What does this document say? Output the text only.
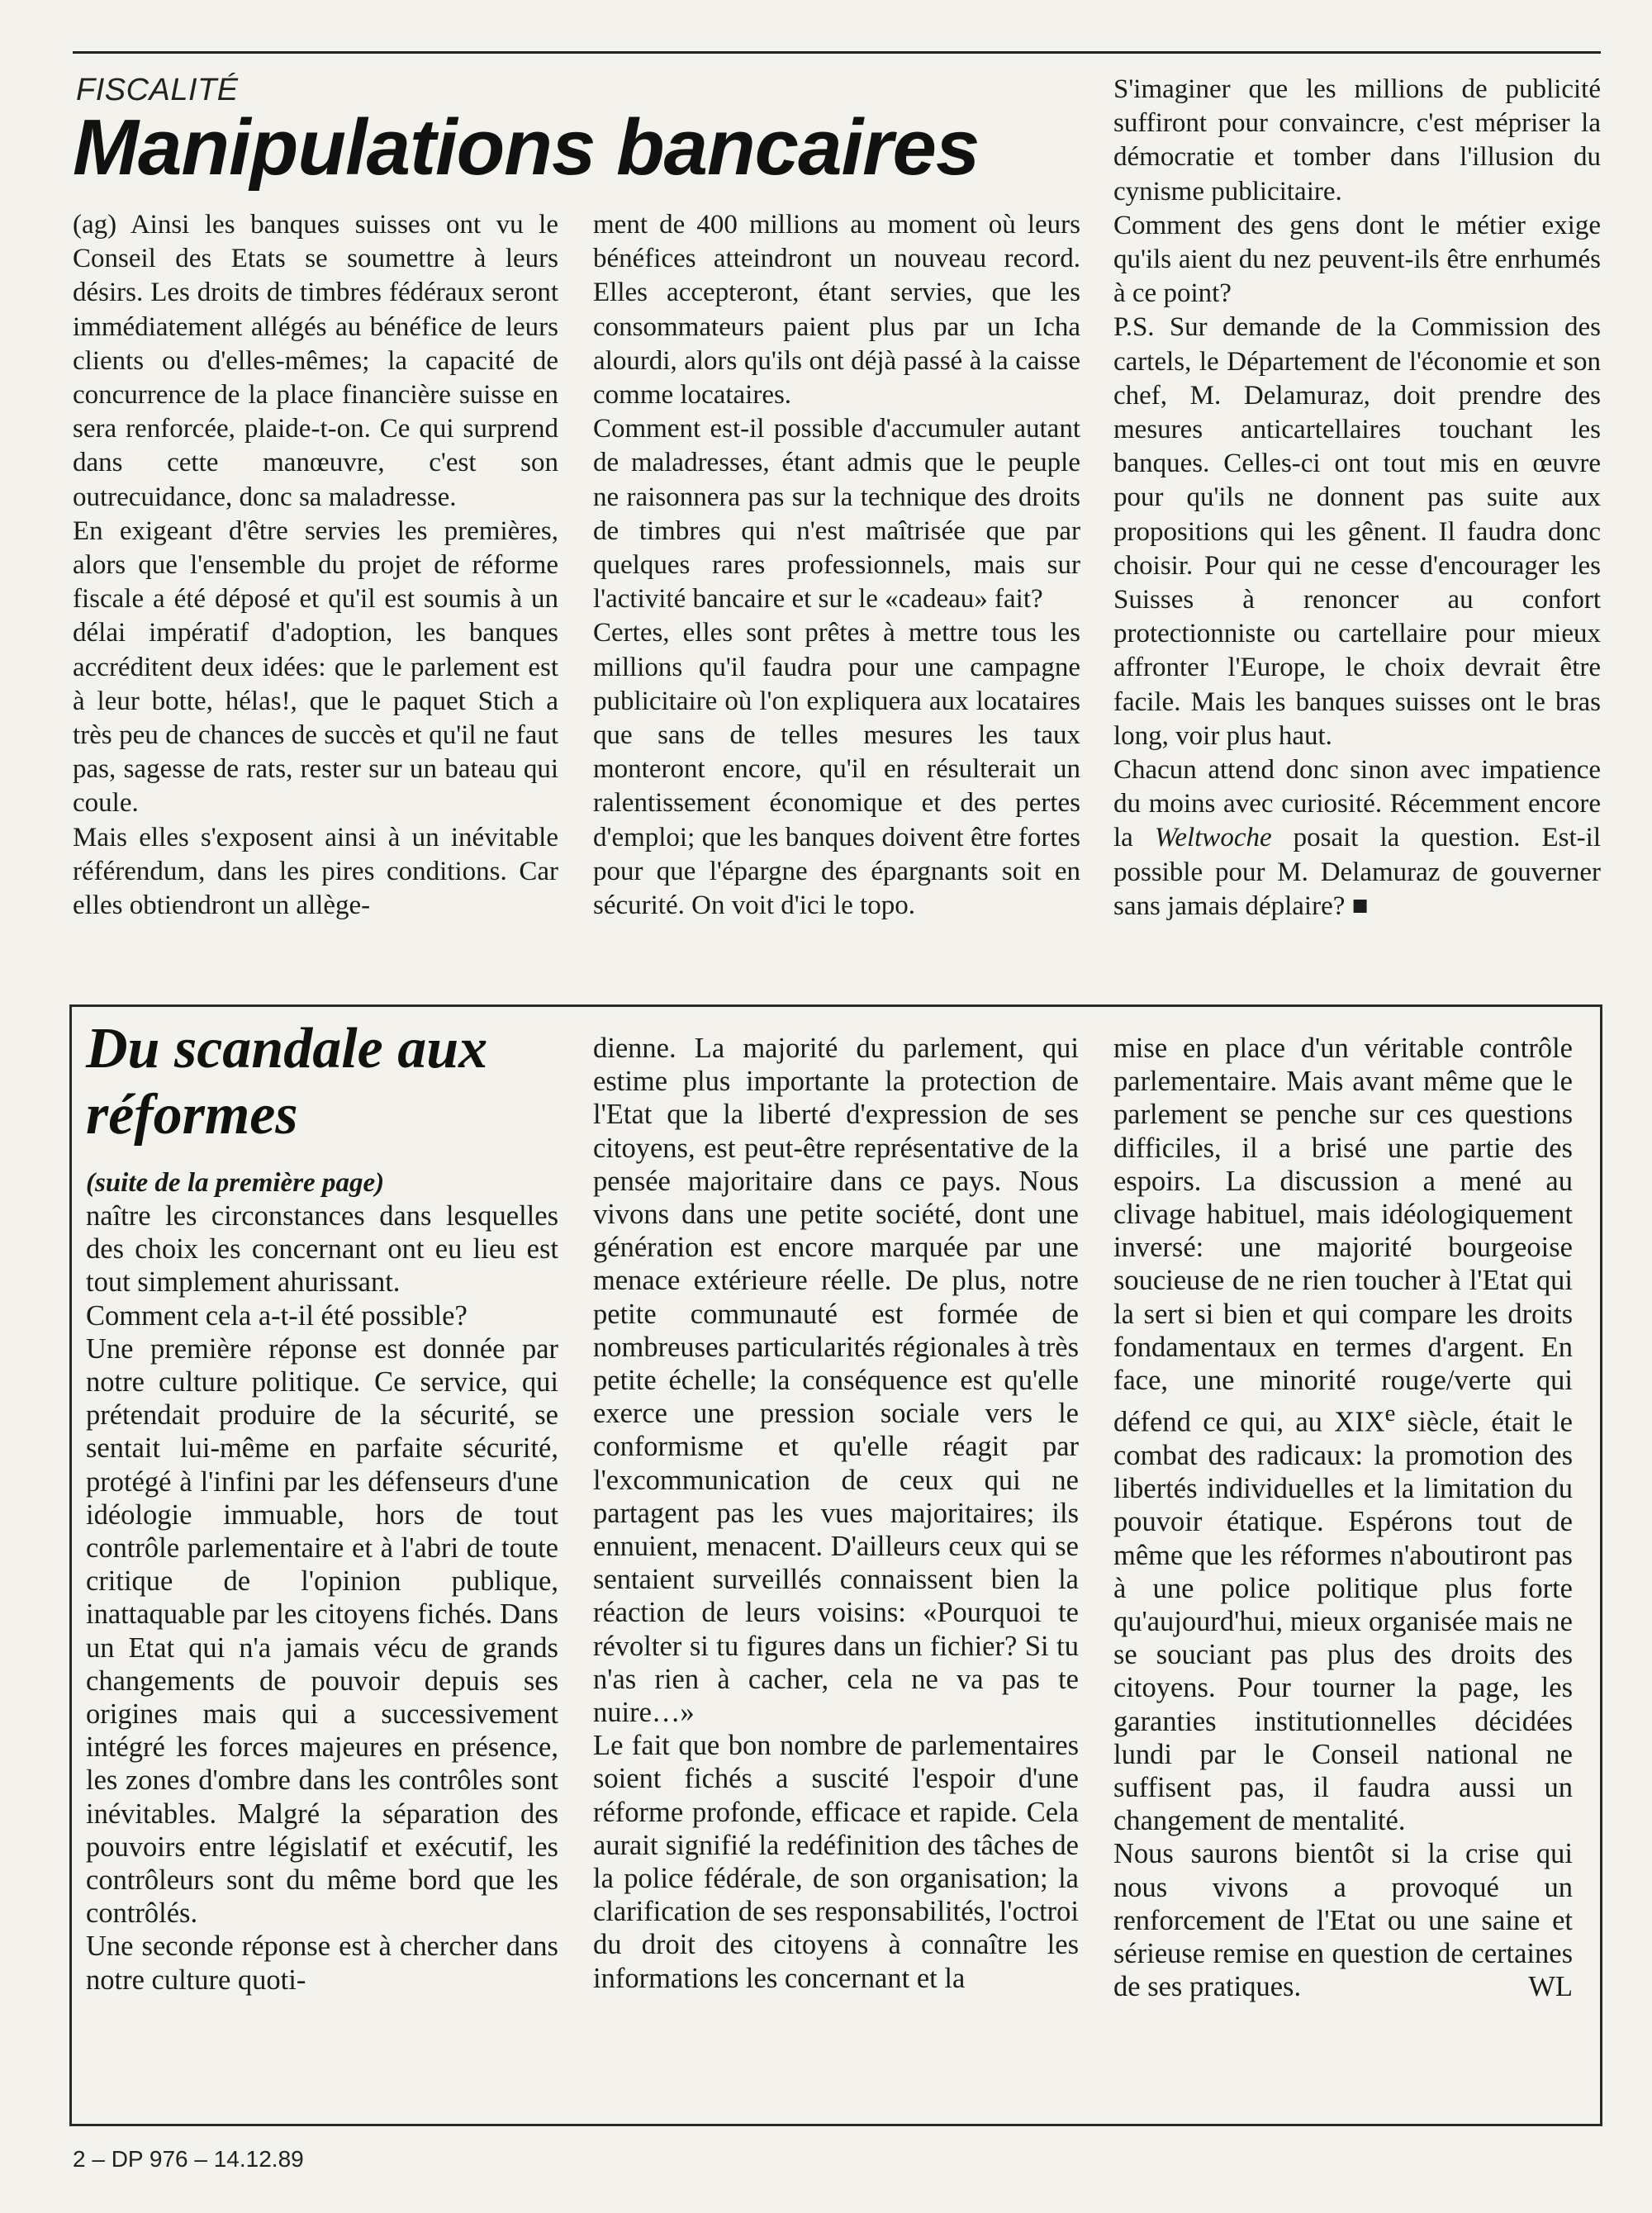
FISCALITÉ
Manipulations bancaires

(ag) Ainsi les banques suisses ont vu le Conseil des Etats se soumettre à leurs désirs. Les droits de timbres fédéraux seront immédiatement allégés au bénéfice de leurs clients ou d'elles-mêmes; la capacité de concurrence de la place financière suisse en sera renforcée, plaide-t-on. Ce qui surprend dans cette manœuvre, c'est son outrecuidance, donc sa maladresse.

En exigeant d'être servies les premières, alors que l'ensemble du projet de réforme fiscale a été déposé et qu'il est soumis à un délai impératif d'adoption, les banques accréditent deux idées: que le parlement est à leur botte, hélas!, que le paquet Stich a très peu de chances de succès et qu'il ne faut pas, sagesse de rats, rester sur un bateau qui coule.

Mais elles s'exposent ainsi à un inévitable référendum, dans les pires conditions. Car elles obtiendront un allège-

ment de 400 millions au moment où leurs bénéfices atteindront un nouveau record. Elles accepteront, étant servies, que les consommateurs paient plus par un Icha alourdi, alors qu'ils ont déjà passé à la caisse comme locataires.

Comment est-il possible d'accumuler autant de maladresses, étant admis que le peuple ne raisonnera pas sur la technique des droits de timbres qui n'est maîtrisée que par quelques rares professionnels, mais sur l'activité bancaire et sur le «cadeau» fait?

Certes, elles sont prêtes à mettre tous les millions qu'il faudra pour une campagne publicitaire où l'on expliquera aux locataires que sans de telles mesures les taux monteront encore, qu'il en résulterait un ralentissement économique et des pertes d'emploi; que les banques doivent être fortes pour que l'épargne des épargnants soit en sécurité. On voit d'ici le topo.

S'imaginer que les millions de publicité suffiront pour convaincre, c'est mépriser la démocratie et tomber dans l'illusion du cynisme publicitaire.

Comment des gens dont le métier exige qu'ils aient du nez peuvent-ils être enrhumés à ce point?

P.S. Sur demande de la Commission des cartels, le Département de l'économie et son chef, M. Delamuraz, doit prendre des mesures anticartellaires touchant les banques. Celles-ci ont tout mis en œuvre pour qu'ils ne donnent pas suite aux propositions qui les gênent. Il faudra donc choisir. Pour qui ne cesse d'encourager les Suisses à renoncer au confort protectionniste ou cartellaire pour mieux affronter l'Europe, le choix devrait être facile. Mais les banques suisses ont le bras long, voir plus haut.

Chacun attend donc sinon avec impatience du moins avec curiosité. Récemment encore la Weltwoche posait la question. Est-il possible pour M. Delamuraz de gouverner sans jamais déplaire? ■

Du scandale aux réformes
(suite de la première page)

naître les circonstances dans lesquelles des choix les concernant ont eu lieu est tout simplement ahurissant.

Comment cela a-t-il été possible?

Une première réponse est donnée par notre culture politique. Ce service, qui prétendait produire de la sécurité, se sentait lui-même en parfaite sécurité, protégé à l'infini par les défenseurs d'une idéologie immuable, hors de tout contrôle parlementaire et à l'abri de toute critique de l'opinion publique, inattaquable par les citoyens fichés. Dans un Etat qui n'a jamais vécu de grands changements de pouvoir depuis ses origines mais qui a successivement intégré les forces majeures en présence, les zones d'ombre dans les contrôles sont inévitables. Malgré la séparation des pouvoirs entre législatif et exécutif, les contrôleurs sont du même bord que les contrôlés.

Une seconde réponse est à chercher dans notre culture quoti-

dienne. La majorité du parlement, qui estime plus importante la protection de l'Etat que la liberté d'expression de ses citoyens, est peut-être représentative de la pensée majoritaire dans ce pays. Nous vivons dans une petite société, dont une génération est encore marquée par une menace extérieure réelle. De plus, notre petite communauté est formée de nombreuses particularités régionales à très petite échelle; la conséquence est qu'elle exerce une pression sociale vers le conformisme et qu'elle réagit par l'excommunication de ceux qui ne partagent pas les vues majoritaires; ils ennuient, menacent. D'ailleurs ceux qui se sentaient surveillés connaissent bien la réaction de leurs voisins: «Pourquoi te révolter si tu figures dans un fichier? Si tu n'as rien à cacher, cela ne va pas te nuire…»

Le fait que bon nombre de parlementaires soient fichés a suscité l'espoir d'une réforme profonde, efficace et rapide. Cela aurait signifié la redéfinition des tâches de la police fédérale, de son organisation; la clarification de ses responsabilités, l'octroi du droit des citoyens à connaître les informations les concernant et la

mise en place d'un véritable contrôle parlementaire. Mais avant même que le parlement se penche sur ces questions difficiles, il a brisé une partie des espoirs. La discussion a mené au clivage habituel, mais idéologiquement inversé: une majorité bourgeoise soucieuse de ne rien toucher à l'Etat qui la sert si bien et qui compare les droits fondamentaux en termes d'argent. En face, une minorité rouge/verte qui défend ce qui, au XIXe siècle, était le combat des radicaux: la promotion des libertés individuelles et la limitation du pouvoir étatique. Espérons tout de même que les réformes n'aboutiront pas à une police politique plus forte qu'aujourd'hui, mieux organisée mais ne se souciant pas plus des droits des citoyens. Pour tourner la page, les garanties institutionnelles décidées lundi par le Conseil national ne suffisent pas, il faudra aussi un changement de mentalité.

Nous saurons bientôt si la crise qui nous vivons a provoqué un renforcement de l'Etat ou une saine et sérieuse remise en question de certaines de ses pratiques.	WL

2 – DP 976 – 14.12.89
